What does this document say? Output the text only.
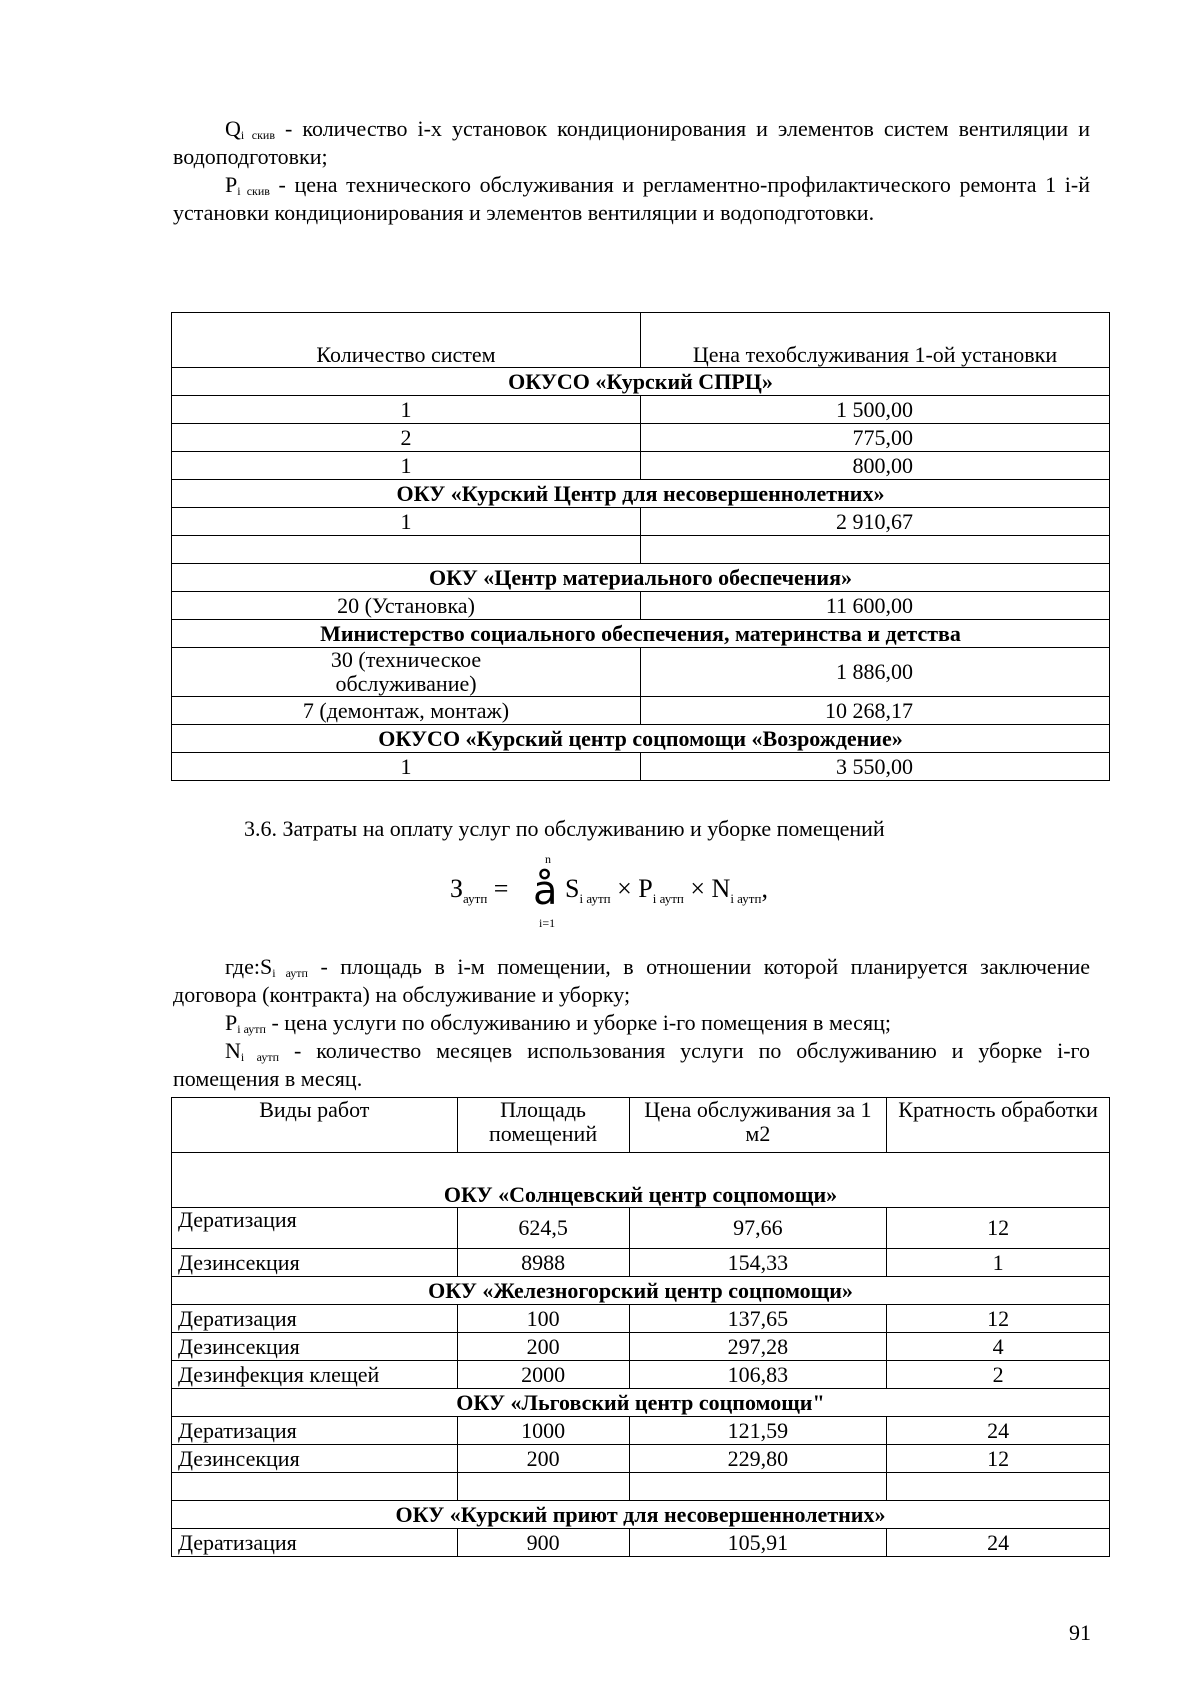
$Q_{i скив}$ - количество i-х установок кондиционирования и элементов систем вентиляции и водоподготовки;

$P_{i скив}$ - цена технического обслуживания и регламентно-профилактического ремонта 1 i-й установки кондиционирования и элементов вентиляции и водоподготовки.

Количество систем	Цена техобслуживания 1-ой установки
ОКУСО «Курский СПРЦ»	
1	1 500,00
2	775,00
1	800,00
ОКУ «Курский Центр для несовершеннолетних»	
1	2 910,67

ОКУ «Центр материального обеспечения»	
20 (Установка)	11 600,00
Министерство социального обеспечения, материнства и детства	
30 (техническое обслуживание)	1 886,00
7 (демонтаж, монтаж)	10 268,17
ОКУСО «Курский центр соцпомощи «Возрождение»	
1	3 550,00
3.6. Затраты на оплату услуг по обслуживанию и уборке помещений
$З_{аутп}$ =
n
å
i=1
$S_{i аутп} \times P_{i аутп} \times N_{i аутп}$,

$где:S_{i аутп}$ - площадь в i-м помещении, в отношении которой планируется заключение договора (контракта) на обслуживание и уборку;

$P_{i аутп}$ - цена услуги по обслуживанию и уборке i-го помещения в месяц;

$N_{i аутп}$ - количество месяцев использования услуги по обслуживанию и уборке i-го помещения в месяц.

Виды работ	Площадь помещений	Цена обслуживания за 1 м2	Кратность обработки
ОКУ «Солнцевский центр соцпомощи»			
Дератизация	624,5	97,66	12
Дезинсекция	8988	154,33	1
ОКУ «Железногорский центр соцпомощи»			
Дератизация	100	137,65	12
Дезинсекция	200	297,28	4
Дезинфекция клещей	2000	106,83	2
ОКУ «Льговский центр соцпомощи"			
Дератизация	1000	121,59	24
Дезинсекция	200	229,80	12

ОКУ «Курский приют для несовершеннолетних»			
Дератизация	900	105,91	24
91
